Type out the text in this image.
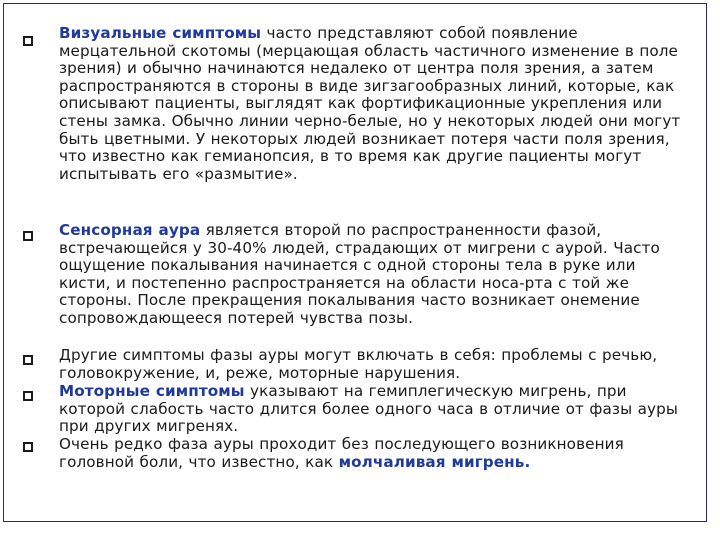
Визуальные симптомы часто представляют собой появление мерцательной скотомы (мерцающая область частичного изменение в поле зрения) и обычно начинаются недалеко от центра поля зрения, а затем распространяются в стороны в виде зигзагообразных линий, которые, как описывают пациенты, выглядят как фортификационные укрепления или стены замка. Обычно линии черно-белые, но у некоторых людей они могут быть цветными. У некоторых людей возникает потеря части поля зрения, что известно как гемианопсия, в то время как другие пациенты могут испытывать его «размытие».
Сенсорная аура является второй по распространенности фазой, встречающейся у 30-40% людей, страдающих от мигрени с аурой. Часто ощущение покалывания начинается с одной стороны тела в руке или кисти, и постепенно распространяется на области носа-рта с той же стороны. После прекращения покалывания часто возникает онемение сопровождающееся потерей чувства позы.
Другие симптомы фазы ауры могут включать в себя: проблемы с речью, головокружение, и, реже, моторные нарушения.
Моторные симптомы указывают на гемиплегическую мигрень, при которой слабость часто длится более одного часа в отличие от фазы ауры при других мигренях.
Очень редко фаза ауры проходит без последующего возникновения головной боли, что известно, как молчаливая мигрень.
